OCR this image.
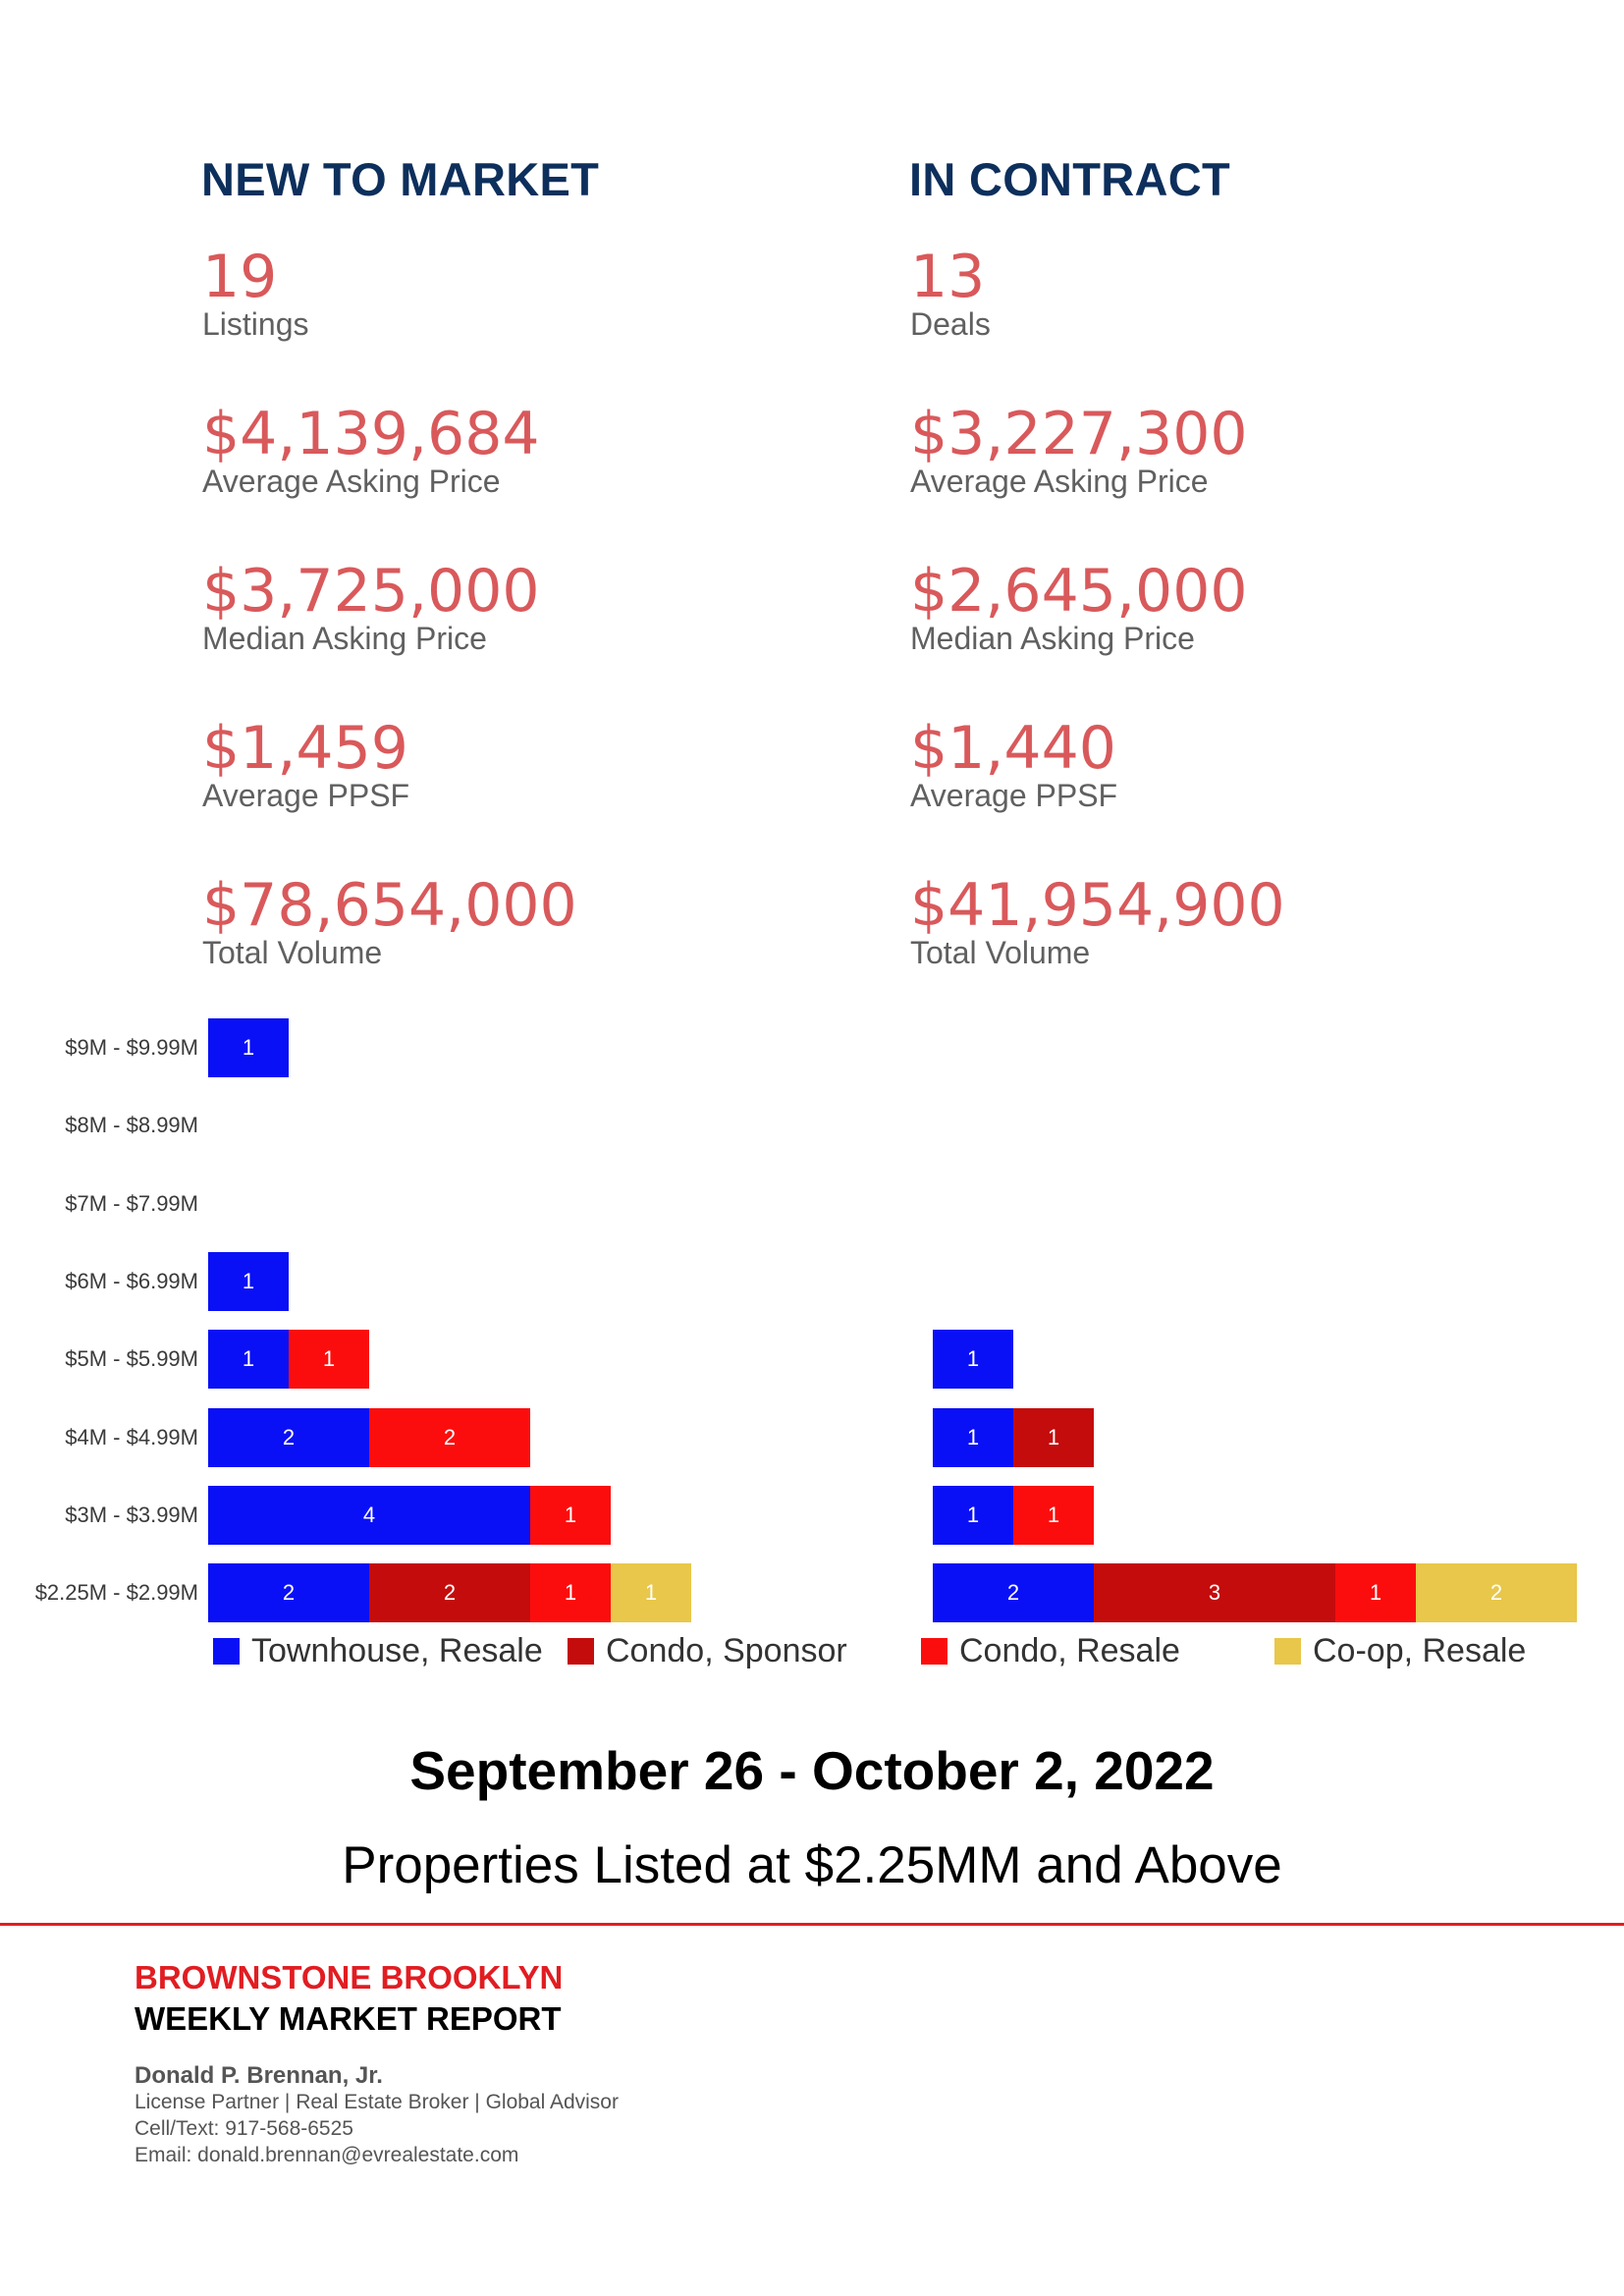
NEW TO MARKET	IN CONTRACT
19
Listings
$4,139,684
Average Asking Price
$3,725,000
Median Asking Price
$1,459
Average PPSF
$78,654,000
Total Volume
13
Deals
$3,227,300
Average Asking Price
$2,645,000
Median Asking Price
$1,440
Average PPSF
$41,954,900
Total Volume
$9M - $9.99M
$8M - $8.99M
$7M - $7.99M
$6M - $6.99M
$5M - $5.99M
$4M - $4.99M
$3M - $3.99M
$2.25M - $2.99M
1
1
1	1
2	2
4	1
2	2	1	1
1
1	1
1	1
2	3	1	2
Townhouse, Resale Condo, Sponsor	Condo, Resale	Co-op, Resale
September 26 - October 2, 2022
Properties Listed at $2.25MM and Above
BROWNSTONE BROOKLYN
WEEKLY MARKET REPORT
Donald P. Brennan, Jr.
License Partner | Real Estate Broker | Global Advisor
Cell/Text: 917-568-6525
Email: donald.brennan@evrealestate.com
